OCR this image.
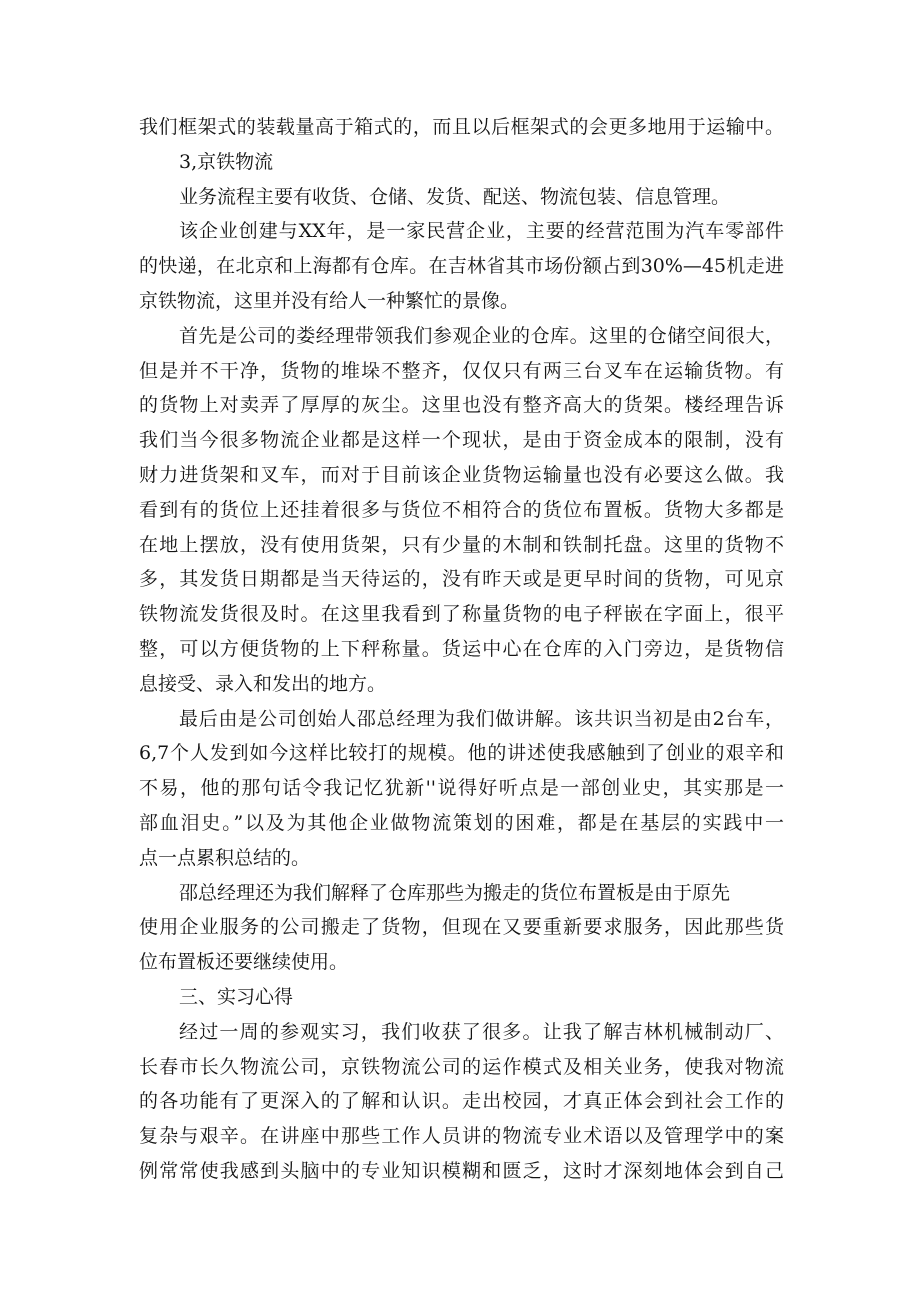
我们框架式的装载量高于箱式的，而且以后框架式的会更多地用于运输中。
3,京铁物流
业务流程主要有收货、仓储、发货、配送、物流包装、信息管理。
该企业创建与XX年，是一家民营企业，主要的经营范围为汽车零部件
的快递，在北京和上海都有仓库。在吉林省其市场份额占到30%—45机走进
京铁物流，这里并没有给人一种繁忙的景像。
首先是公司的娄经理带领我们参观企业的仓库。这里的仓储空间很大，
但是并不干净，货物的堆垛不整齐，仅仅只有两三台叉车在运输货物。有
的货物上对卖弄了厚厚的灰尘。这里也没有整齐高大的货架。楼经理告诉
我们当今很多物流企业都是这样一个现状，是由于资金成本的限制，没有
财力进货架和叉车，而对于目前该企业货物运输量也没有必要这么做。我
看到有的货位上还挂着很多与货位不相符合的货位布置板。货物大多都是
在地上摆放，没有使用货架，只有少量的木制和铁制托盘。这里的货物不
多，其发货日期都是当天待运的，没有昨天或是更早时间的货物，可见京
铁物流发货很及时。在这里我看到了称量货物的电子秤嵌在字面上，很平
整，可以方便货物的上下秤称量。货运中心在仓库的入门旁边，是货物信
息接受、录入和发出的地方。
最后由是公司创始人邵总经理为我们做讲解。该共识当初是由2台车，
6,7个人发到如今这样比较打的规模。他的讲述使我感触到了创业的艰辛和
不易，他的那句话令我记忆犹新''说得好听点是一部创业史，其实那是一
部血泪史。”以及为其他企业做物流策划的困难，都是在基层的实践中一
点一点累积总结的。
邵总经理还为我们解释了仓库那些为搬走的货位布置板是由于原先
使用企业服务的公司搬走了货物，但现在又要重新要求服务，因此那些货
位布置板还要继续使用。
三、实习心得
经过一周的参观实习，我们收获了很多。让我了解吉林机械制动厂、
长春市长久物流公司，京铁物流公司的运作模式及相关业务，使我对物流
的各功能有了更深入的了解和认识。走出校园，才真正体会到社会工作的
复杂与艰辛。在讲座中那些工作人员讲的物流专业术语以及管理学中的案
例常常使我感到头脑中的专业知识模糊和匮乏，这时才深刻地体会到自己
